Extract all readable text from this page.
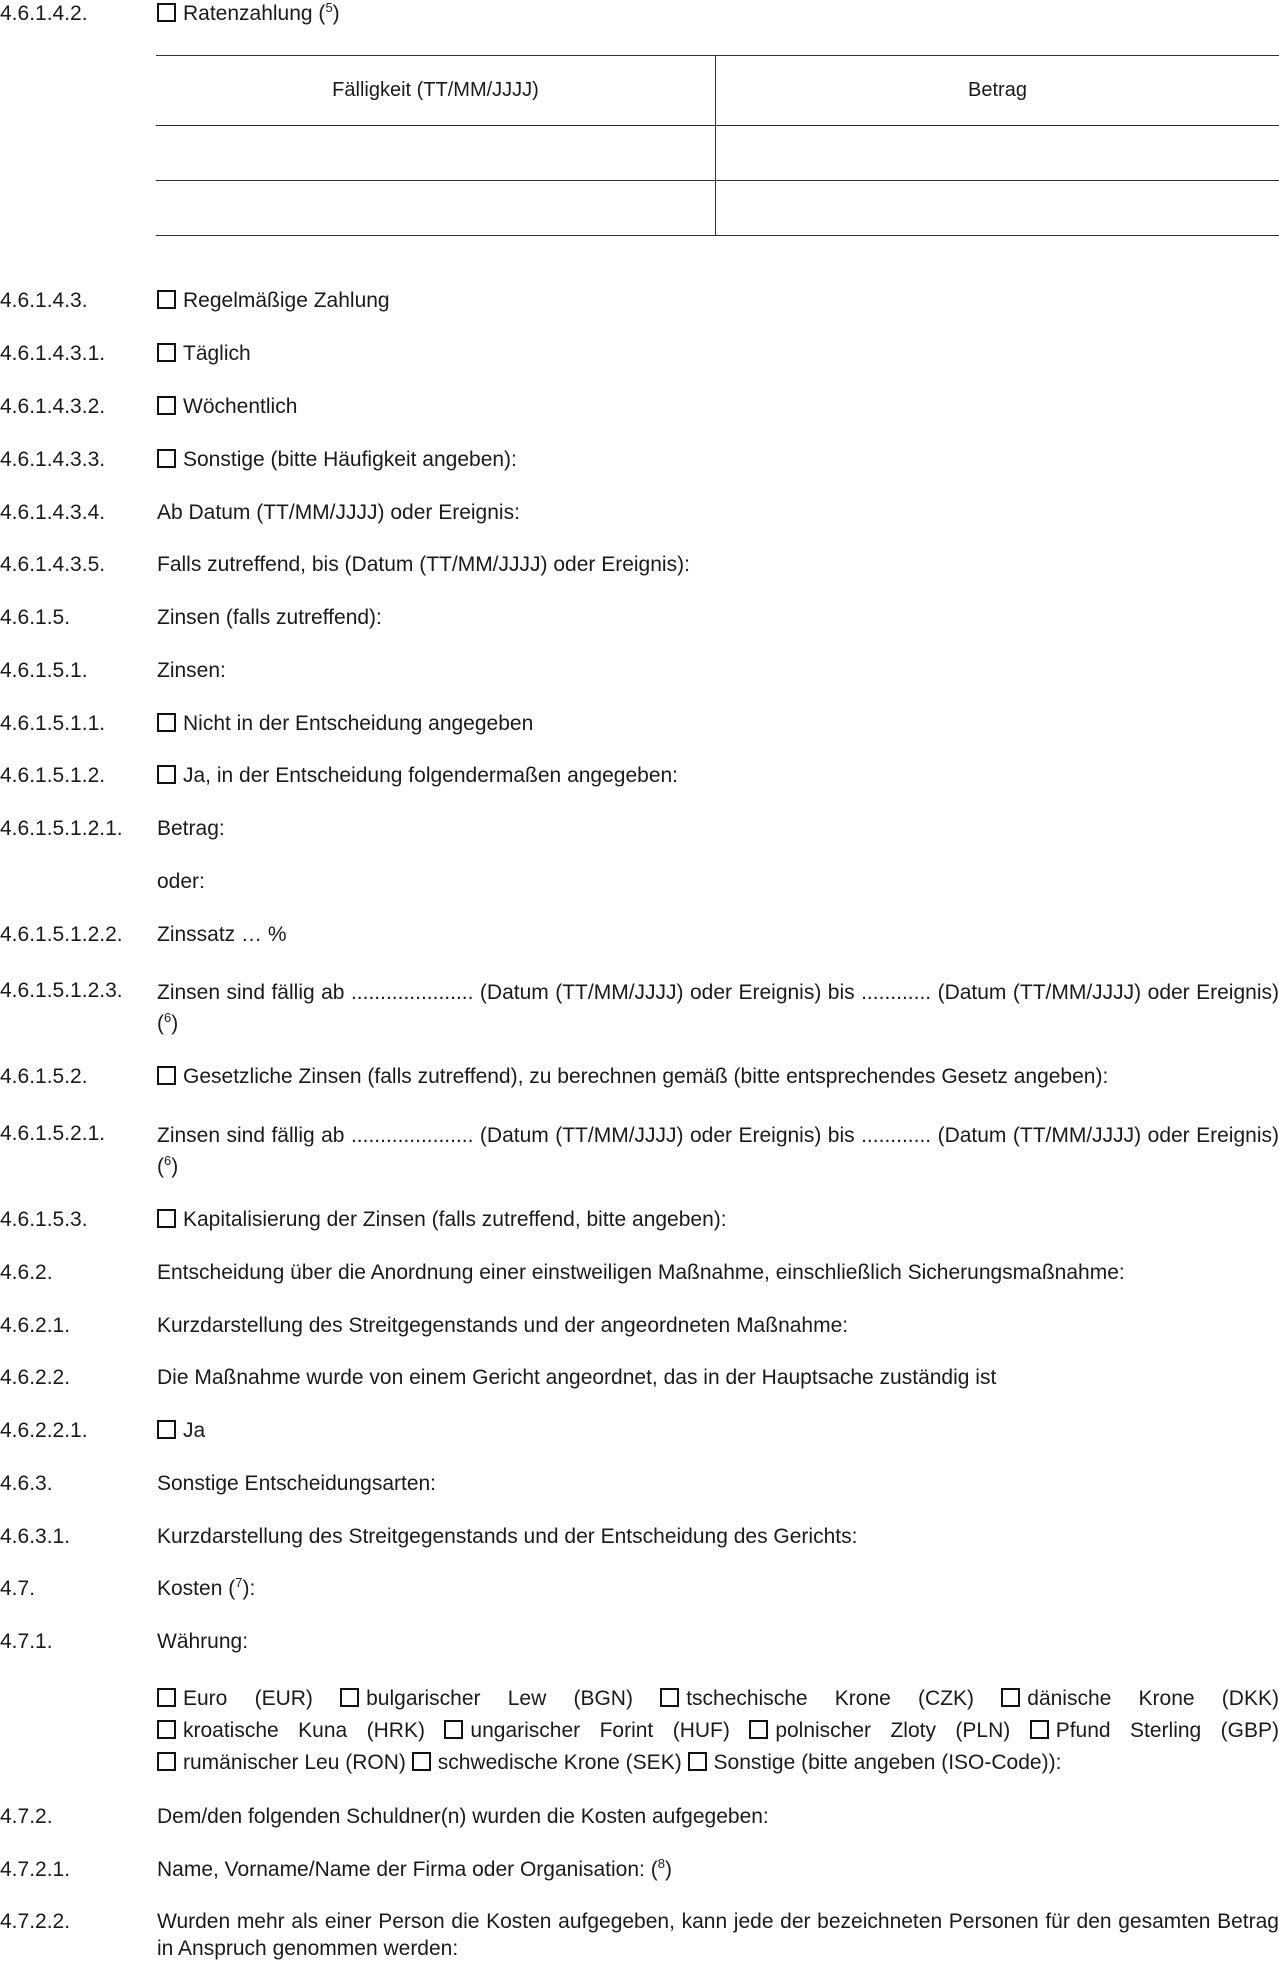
4.6.1.4.2.	Ratenzahlung ($^5$)
Fälligkeit (TT/MM/JJJJ)	Betrag
4.6.1.4.3.	Regelmäßige Zahlung
4.6.1.4.3.1.	Täglich
4.6.1.4.3.2.	Wöchentlich
4.6.1.4.3.3.	Sonstige (bitte Häufigkeit angeben):
4.6.1.4.3.4. Ab Datum (TT/MM/JJJJ) oder Ereignis:
4.6.1.4.3.5. Falls zutreffend, bis (Datum (TT/MM/JJJJ) oder Ereignis):
4.6.1.5.	Zinsen (falls zutreffend):
4.6.1.5.1.	Zinsen:
4.6.1.5.1.1.	Nicht in der Entscheidung angegeben
4.6.1.5.1.2.	Ja, in der Entscheidung folgendermaßen angegeben:
4.6.1.5.1.2.1. Betrag:
oder:
4.6.1.5.1.2.2. Zinssatz … %
4.6.1.5.1.2.3. Zinsen sind fällig ab ..................... (Datum (TT/MM/JJJJ) oder Ereignis) bis ............ (Datum (TT/MM/JJJJ) oder Ereignis) ($^6$)
4.6.1.5.2.	Gesetzliche Zinsen (falls zutreffend), zu berechnen gemäß (bitte entsprechendes Gesetz angeben):
4.6.1.5.2.1. Zinsen sind fällig ab ..................... (Datum (TT/MM/JJJJ) oder Ereignis) bis ............ (Datum (TT/MM/JJJJ) oder Ereignis) ($^6$)
4.6.1.5.3.	Kapitalisierung der Zinsen (falls zutreffend, bitte angeben):
4.6.2.	Entscheidung über die Anordnung einer einstweiligen Maßnahme, einschließlich Sicherungsmaßnahme:
4.6.2.1.	Kurzdarstellung des Streitgegenstands und der angeordneten Maßnahme:
4.6.2.2.	Die Maßnahme wurde von einem Gericht angeordnet, das in der Hauptsache zuständig ist
4.6.2.2.1.	Ja
4.6.3.	Sonstige Entscheidungsarten:
4.6.3.1.	Kurzdarstellung des Streitgegenstands und der Entscheidung des Gerichts:
4.7.	Kosten ($^7$):
4.7.1.	Währung:
Euro (EUR)	bulgarischer Lew (BGN)	tschechische Krone (CZK)	dänische Krone (DKK) kroatische Kuna (HRK) ungarischer Forint (HUF) polnischer Zloty (PLN) Pfund Sterling (GBP) rumänischer Leu (RON) schwedische Krone (SEK) Sonstige (bitte angeben (ISO-Code)):
4.7.2.	Dem/den folgenden Schuldner(n) wurden die Kosten aufgegeben:
4.7.2.1.	Name, Vorname/Name der Firma oder Organisation: ($^8$)
4.7.2.2.	Wurden mehr als einer Person die Kosten aufgegeben, kann jede der bezeichneten Personen für den gesamten Betrag in Anspruch genommen werden:
